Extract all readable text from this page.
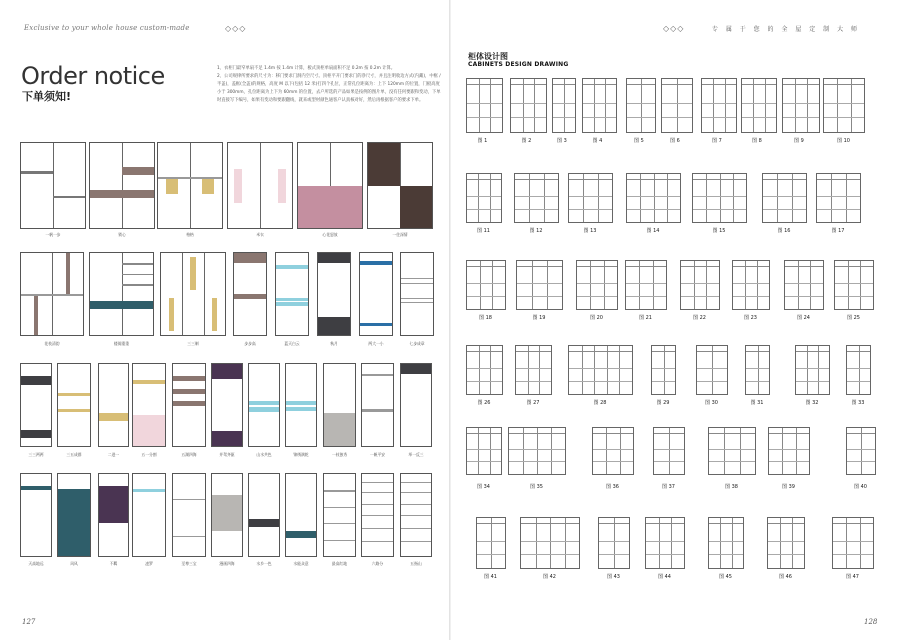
Exclusive to your whole house custom-made	◇◇◇
Order notice
下单须知!
1、衣柜门最窄单扇不足 1.4m 按 1.4m 计算，板式顶柜单扇面积不足 0.2m 按 0.2m 计算。
2、公司规律所要求的尺寸为：移门要求门洞内空尺寸。顶柜平开门要求门的净尺寸，并且注明收边方式(内藏)，中框 / 半盖)，盖框(全盖)的规格，高度 M 以下(包括 12 米)打四个孔位，正常孔位距离为：上下 120mm 的位置，门板高度小于 300mm，孔位距离为上下为 60mm 的位置，去户所选的产品如果是按例的图片单，没有任何要跟和变动，下单时直接写下编号，如果有变动和要跟翻线，就来或型材颜色通客户认真核对好，然后再根据客户的要求下单。
一帆一步	锁心	格格	米衣	心花怒放	一往深情
花枝清韵	楼阁重重	三三制	步步高	蓝天白云	秋月	两大一小	七步成章
三三两两	三五成群	二进一	五一分割	五湖四海	并驾齐驱	山水共色	锦绣满乾	一枝独秀	一帆平安	举一反三
天高地远	风风	不羁	凌罗	至尊三宝	漫画四海	水乡一色	水能众意	最高红地	六路分	五指山
127
◇◇◇	专 属 于 您 的 全 屋 定 制 大 师
柜体设计图
CABINETS DESIGN DRAWING
图 1	图 2	图 3	图 4	图 5	图 6	图 7	图 8	图 9	图 10
图 11	图 12	图 13	图 14	图 15	图 16	图 17
图 18	图 19	图 20	图 21	图 22	图 23	图 24	图 25
图 26	图 27	图 28	图 29	图 30	图 31	图 32	图 33
图 34	图 35	图 36	图 37	图 38	图 39	图 40
图 41	图 42	图 43	图 44	图 45	图 46	图 47
128
